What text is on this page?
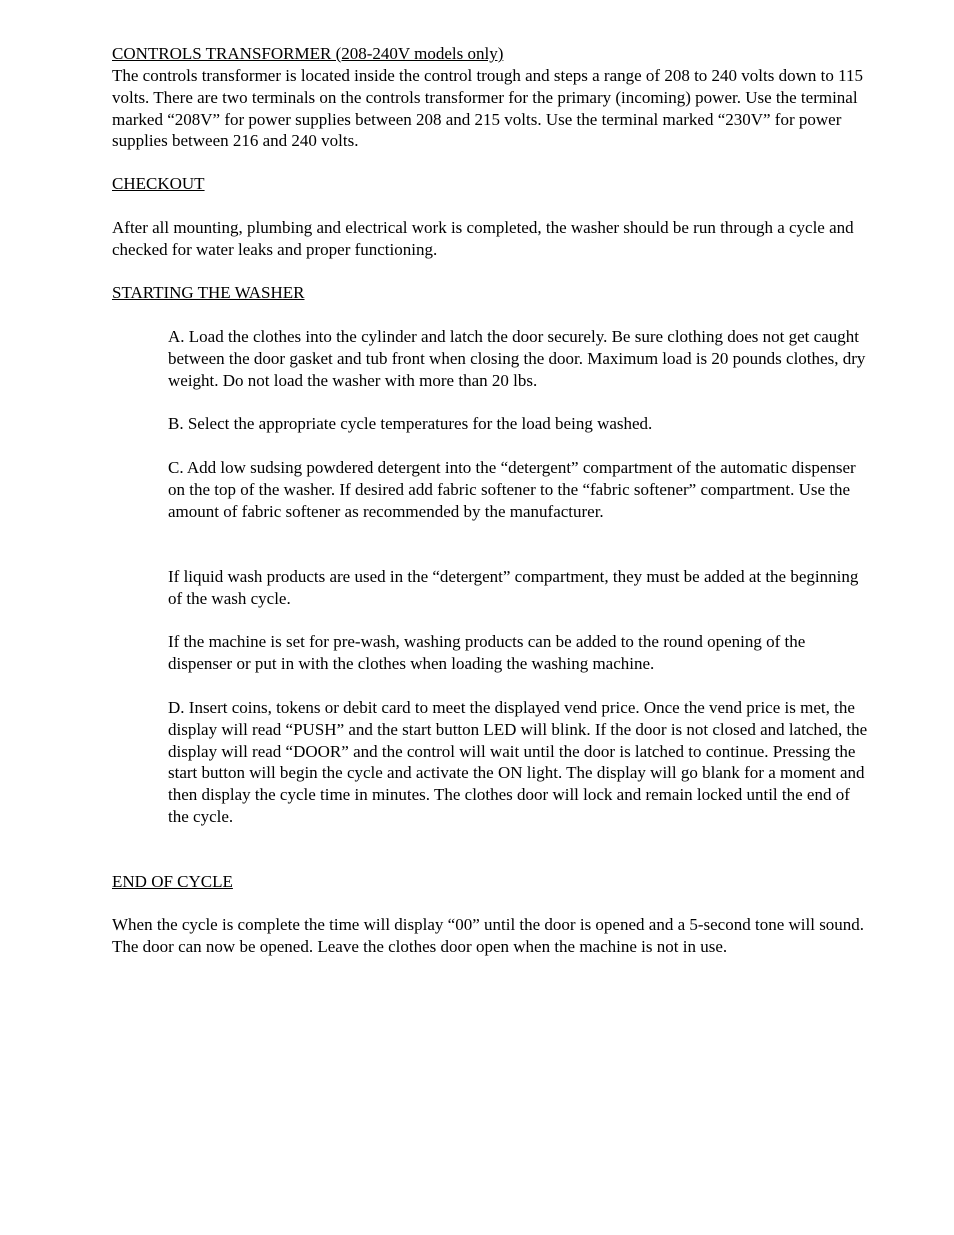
CONTROLS TRANSFORMER (208-240V models only)

The controls transformer is located inside the control trough and steps a range of 208 to 240 volts down to 115 volts. There are two terminals on the controls transformer for the primary (incoming) power. Use the terminal marked “208V” for power supplies between 208 and 215 volts. Use the terminal marked “230V” for power supplies between 216 and 240 volts.

CHECKOUT

After all mounting, plumbing and electrical work is completed, the washer should be run through a cycle and checked for water leaks and proper functioning.

STARTING THE WASHER

A. Load the clothes into the cylinder and latch the door securely. Be sure clothing does not get caught between the door gasket and tub front when closing the door. Maximum load is 20 pounds clothes, dry weight. Do not load the washer with more than 20 lbs.

B. Select the appropriate cycle temperatures for the load being washed.

C. Add low sudsing powdered detergent into the “detergent” compartment of the automatic dispenser on the top of the washer. If desired add fabric softener to the “fabric softener” compartment. Use the amount of fabric softener as recommended by the manufacturer.

If liquid wash products are used in the “detergent” compartment, they must be added at the beginning of the wash cycle.

If the machine is set for pre-wash, washing products can be added to the round opening of the dispenser or put in with the clothes when loading the washing machine.

D. Insert coins, tokens or debit card to meet the displayed vend price. Once the vend price is met, the display will read “PUSH” and the start button LED will blink. If the door is not closed and latched, the display will read “DOOR” and the control will wait until the door is latched to continue. Pressing the start button will begin the cycle and activate the ON light. The display will go blank for a moment and then display the cycle time in minutes. The clothes door will lock and remain locked until the end of the cycle.

END OF CYCLE

When the cycle is complete the time will display “00” until the door is opened and a 5-second tone will sound. The door can now be opened. Leave the clothes door open when the machine is not in use.
